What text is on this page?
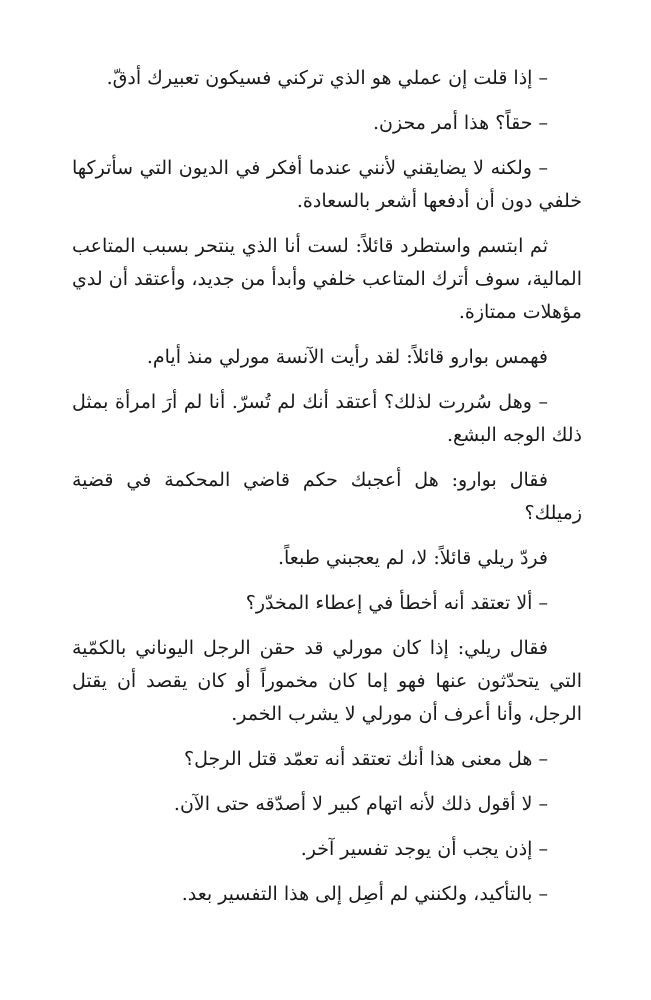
– إذا قلت إن عملي هو الذي تركني فسيكون تعبيرك أدقّ.

– حقاً؟ هذا أمر محزن.

– ولكنه لا يضايقني لأنني عندما أفكر في الديون التي سأتركها خلفي دون أن أدفعها أشعر بالسعادة.

ثم ابتسم واستطرد قائلاً: لست أنا الذي ينتحر بسبب المتاعب المالية، سوف أترك المتاعب خلفي وأبدأ من جديد، وأعتقد أن لدي مؤهلات ممتازة.

فهمس بوارو قائلاً: لقد رأيت الآنسة مورلي منذ أيام.

– وهل سُررت لذلك؟ أعتقد أنك لم تُسرّ. أنا لم أرَ امرأة بمثل ذلك الوجه البشع.

فقال بوارو: هل أعجبك حكم قاضي المحكمة في قضية زميلك؟

فردّ ريلي قائلاً: لا، لم يعجبني طبعاً.

– ألا تعتقد أنه أخطأ في إعطاء المخدّر؟

فقال ريلي: إذا كان مورلي قد حقن الرجل اليوناني بالكمّية التي يتحدّثون عنها فهو إما كان مخموراً أو كان يقصد أن يقتل الرجل، وأنا أعرف أن مورلي لا يشرب الخمر.

– هل معنى هذا أنك تعتقد أنه تعمّد قتل الرجل؟

– لا أقول ذلك لأنه اتهام كبير لا أصدّقه حتى الآن.

– إذن يجب أن يوجد تفسير آخر.

– بالتأكيد، ولكنني لم أصِل إلى هذا التفسير بعد.
